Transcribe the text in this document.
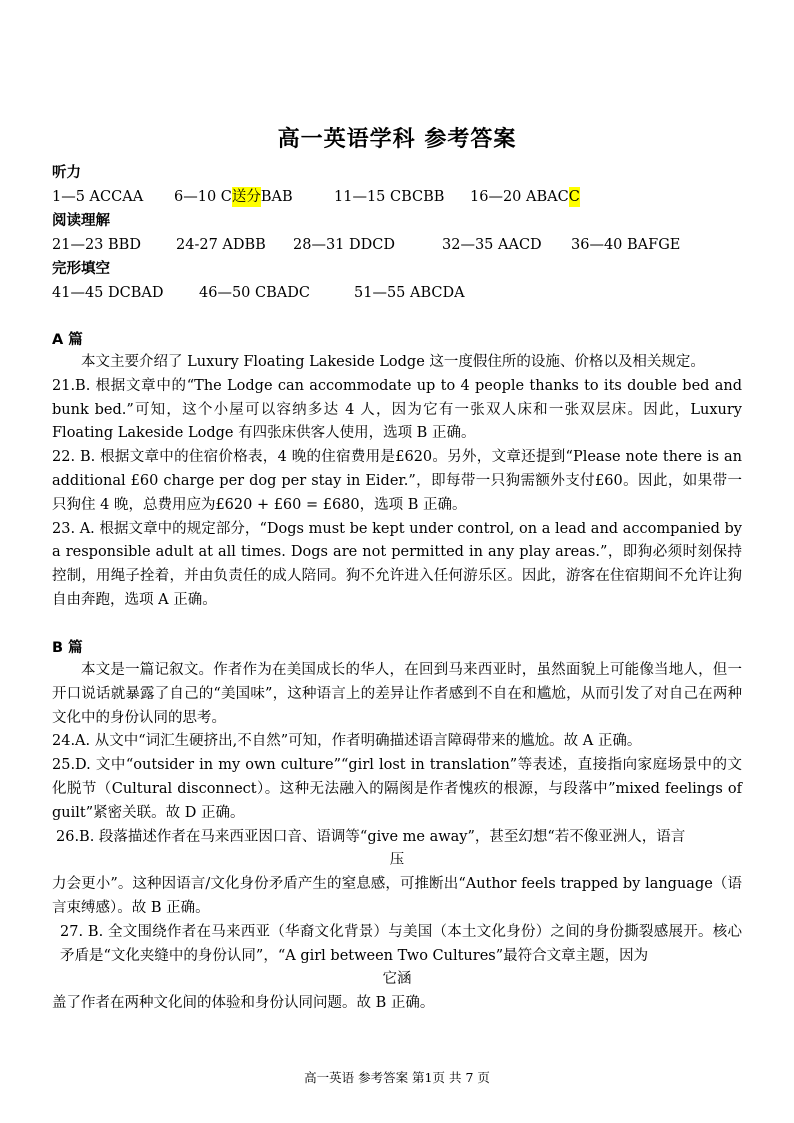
高一英语学科 参考答案
听力
1—5 ACCAA 6—10 C送分BAB	11—15 CBCBB 16—20 ABACC
阅读理解
21—23 BBD 24-27 ADBB 28—31 DDCD	32—35 AACD 36—40 BAFGE
完形填空
41—45 DCBAD 46—50 CBADC	51—55 ABCDA
A 篇

本文主要介绍了 Luxury Floating Lakeside Lodge 这一度假住所的设施、价格以及相关规定。

21.B. 根据文章中的“The Lodge can accommodate up to 4 people thanks to its double bed and bunk bed.”可知，这个小屋可以容纳多达 4 人，因为它有一张双人床和一张双层床。因此，Luxury Floating Lakeside Lodge 有四张床供客人使用，选项 B 正确。

22. B. 根据文章中的住宿价格表，4 晚的住宿费用是£620。另外，文章还提到“Please note there is an additional £60 charge per dog per stay in Eider.”，即每带一只狗需额外支付£60。因此，如果带一只狗住 4 晚，总费用应为£620 + £60 = £680，选项 B 正确。

23. A. 根据文章中的规定部分，“Dogs must be kept under control, on a lead and accompanied by a responsible adult at all times. Dogs are not permitted in any play areas.”，即狗必须时刻保持控制，用绳子拴着，并由负责任的成人陪同。狗不允许进入任何游乐区。因此，游客在住宿期间不允许让狗自由奔跑，选项 A 正确。

B 篇

本文是一篇记叙文。作者作为在美国成长的华人，在回到马来西亚时，虽然面貌上可能像当地人，但一开口说话就暴露了自己的“美国味”，这种语言上的差异让作者感到不自在和尴尬，从而引发了对自己在两种文化中的身份认同的思考。

24.A. 从文中“词汇生硬挤出,不自然”可知，作者明确描述语言障碍带来的尴尬。故 A 正确。

25.D. 文中“outsider in my own culture”“girl lost in translation”等表述，直接指向家庭场景中的文化脱节（Cultural disconnect）。这种无法融入的隔阂是作者愧疚的根源，与段落中”mixed feelings of guilt”紧密关联。故 D 正确。

26.B. 段落描述作者在马来西亚因口音、语调等“give me away”，甚至幻想“若不像亚洲人，语言

压

力会更小”。这种因语言/文化身份矛盾产生的窒息感，可推断出“Author feels trapped by language（语言束缚感）。故 B 正确。

27. B. 全文围绕作者在马来西亚（华裔文化背景）与美国（本土文化身份）之间的身份撕裂感展开。核心矛盾是“文化夹缝中的身份认同”，“A girl between Two Cultures”最符合文章主题，因为

它涵

盖了作者在两种文化间的体验和身份认同问题。故 B 正确。

高一英语 参考答案 第1页 共 7 页
